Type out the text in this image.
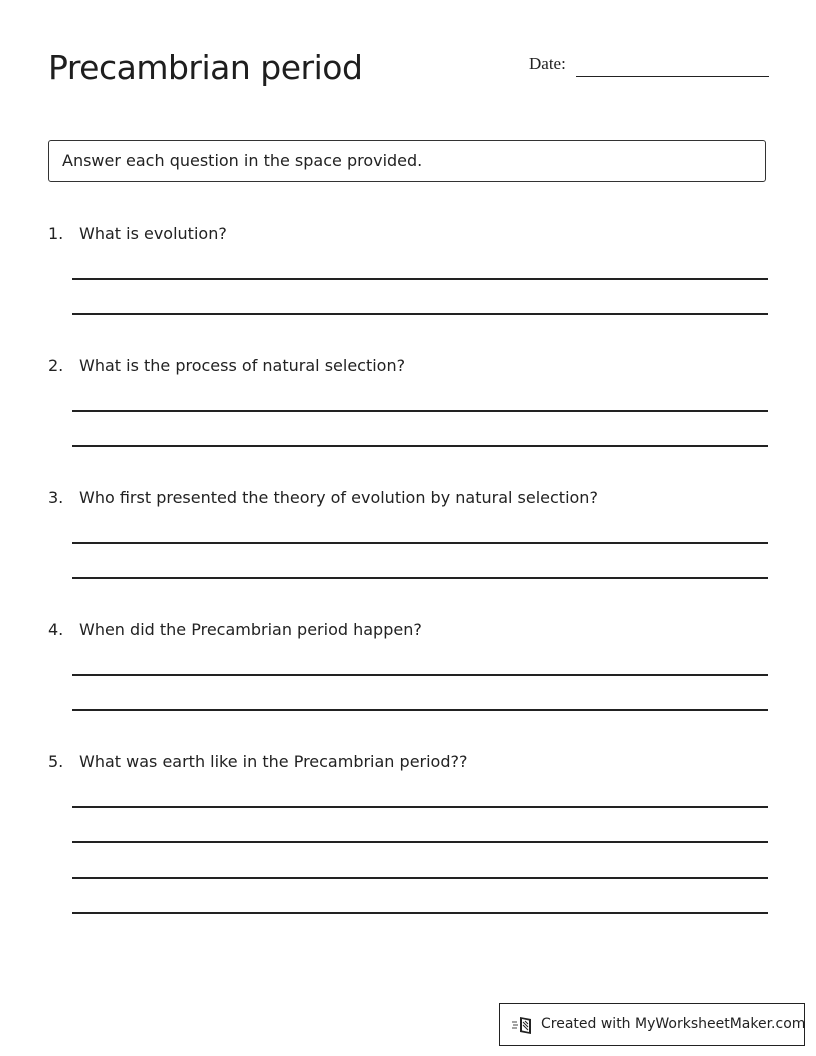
Precambrian period	Date:
Answer each question in the space provided.
1. What is evolution?
2. What is the process of natural selection?
3. Who first presented the theory of evolution by natural selection?
4. When did the Precambrian period happen?
5. What was earth like in the Precambrian period??
Created with MyWorksheetMaker.com
